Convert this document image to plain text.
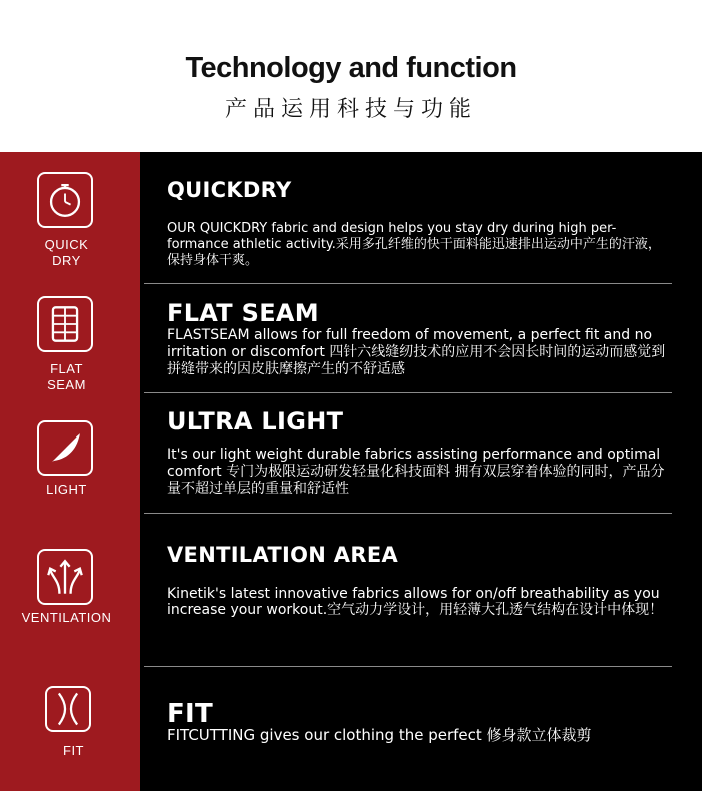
Technology and function
产品运用科技与功能
QUICK
DRY
QUICKDRY
OUR QUICKDRY fabric and design helps you stay dry during high per-formance athletic activity.采用多孔纤维的快干面料能迅速排出运动中产生的汗液，保持身体干爽。
FLAT
SEAM
FLAT SEAM
FLASTSEAM allows for full freedom of movement, a perfect fit and no irritation or discomfort 四针六线缝纫技术的应用不会因长时间的运动而感觉到拼缝带来的因皮肤摩擦产生的不舒适感
LIGHT
ULTRA LIGHT
It's our light weight durable fabrics assisting performance and optimal comfort 专门为极限运动研发轻量化科技面料 拥有双层穿着体验的同时，产品分量不超过单层的重量和舒适性
VENTILATION
VENTILATION AREA
Kinetik's latest innovative fabrics allows for on/off breathability as you increase your workout.空气动力学设计，用轻薄大孔透气结构在设计中体现！
FIT
FIT
FITCUTTING gives our clothing the perfect 修身款立体裁剪
